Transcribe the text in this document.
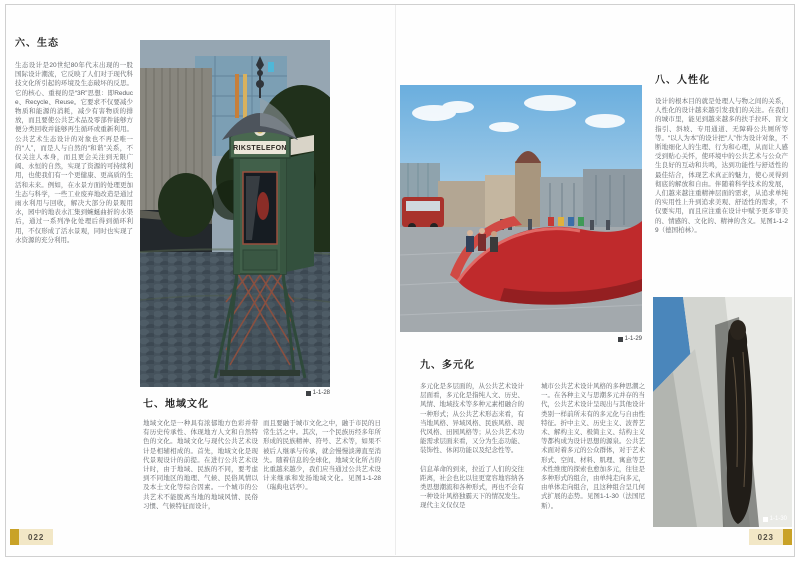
六、生态
生态设计是20世纪80年代末出现的一股国际设计潮流，它反映了人们对于现代科技文化所引起的环境及生态破坏的反思。它的核心、重视的是“3R”思想：即Reduce、Recycle、Reuse。它要求不仅要减少物质和能源的消耗，减少有害物质的排放，而且要使公共艺术品及零部件能够方便分类回收并能够再生循环或重新利用。公共艺术生态设计的对象也不再是唯一的“人”，而是人与自然的“和谐”关系，不仅关注人本身，而且更会关注到无限广阔、永恒的自然，实现了资源的可持续利用，也使我们有一个更健康、更高质的生活和未来。例如，在水景方面的处理更加生态与科学，一些工业废弃地改造是通过雨水利用与回收，解决大部分的景观用水，园中的地表水汇集到蜿蜒曲折的水渠后，通过一系列净化处理后得到循环利用，不仅形成了活水景观，同时也实现了水资源的充分利用。
RIKSTELEFON
1-1-28
七、地域文化
地域文化是一种具有浓郁地方色彩并带有历史传承性、体现地方人文和自然特色的文化。地域文化与现代公共艺术设计是相辅相成的。首先，地域文化是现代景观设计的前提。在进行公共艺术设计时，由于地域、民族的不同，要考虑到不同地区的地理、气候、民俗风情以及本土文化等综合因素。一个城市的公共艺术不能脱离当地的地域风情、民俗习惯、气候特征而设计，
而且要融于城市文化之中，融于市民的日常生活之中。其次，一个民族历经多年所形成的民族精神、符号、艺术等，如果不被后人继承与传承，就会慢慢淡薄直至消失。随着信息的全球化，地域文化所占的比重越来越少，我们应当通过公共艺术设计来继承和发扬地域文化。见图1-1-28（瑞典电话亭）。
022
1-1-29
九、多元化
多元化是多层面的，从公共艺术设计层面看，多元化是指纯人文、历史、风情、地域技术等多种元素相融合的一种形式；从公共艺术形态来看，有当地风格、异域风格、民族风格、现代风格、田园风格等；从公共艺术功能需求层面来看，又分为生态功能、装饰性、休闲功能以及纪念性等。
信息革命的到来，拉近了人们的交往距离，社会也比以往更宽容地容纳各类思想潮流和各种形式，再也不会有一种设计风格独霸天下的情况发生。现代主义仅仅是
城市公共艺术设计风格的多种思潮之一。在各种主义与思潮多元并存的当代，公共艺术设计呈现出与其他设计类别一样前所未有的多元化与自由性特征。折中主义、历史主义、波普艺术、解构主义、极简主义、结构主义等都构成为设计思想的源泉。公共艺术面对着多元的公众群体，对于艺术形式、空间、材料、肌理、寓意等艺术性维度的探索也愈加多元，往往是多种形式的组合，由单纯走向多元，由单体走向组合，且这种组合呈几何式扩展的态势。见图1-1-30（法国尼斯）。
八、人性化
设计的根本目的就是处理人与物之间的关系，人性化的设计越来越引发我们的关注。在我们的城市里，能见到越来越多的扶手拉环、盲文指引、斜坡、专用通道、无障碍公共厕所等等。“以人为本”的设计把“人”作为设计对象，不断地细化人的生理、行为和心理，从而让人感受到贴心关怀，使环境中的公共艺术与公众产生良好的互动和共鸣，达到功能性与舒适性的最佳结合，体现艺术真正的魅力，使心灵得到彻底的解放和自由。伴随着科学技术的发展，人们越来越注重精神层面的需求，从追求单纯的实用性上升到追求美观、舒适性的需求，不仅要实用，而且应注重在设计中赋予更多审美的、情感的、文化的、精神的含义。见图1-1-29（德国柏林）。
1-1-30
023
